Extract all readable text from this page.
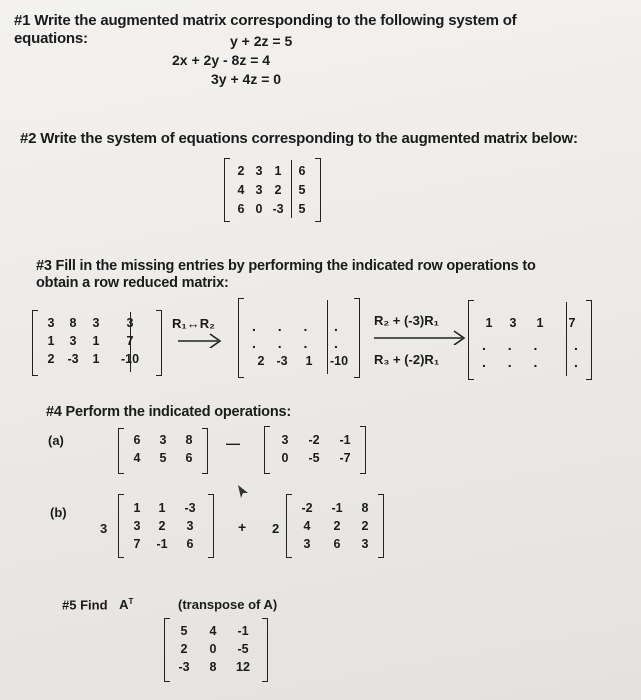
#1 Write the augmented matrix corresponding to the following system of
equations:	y + 2z = 5
2x + 2y - 8z = 4
3y + 4z = 0
#2 Write the system of equations corresponding to the augmented matrix below:
2 3 1	6
4 3 2	5
6 0 -3	5
#3 Fill in the missing entries by performing the indicated row operations to
obtain a row reduced matrix:
3	8	3	3
1	3	1	7
2	-3	1	-10
R₁↔R₂	. . . .
. . . .
2 -3	1	-10
R₂ + (-3)R₁
R₃ + (-2)R₁
1	3	1	7
. . . .
. . . .
#4 Perform the indicated operations:
(a)	6	3	8
4	5	6
—	3	-2	-1
0	-5	-7
(b)
3
1	1	-3
3	2	3
7	-1	6
+ 2
-2	-1	8
4	2	2
3	6	3
#5 Find $A^T$	(transpose of A)
5	4	-1
2	0	-5
-3	8	12
